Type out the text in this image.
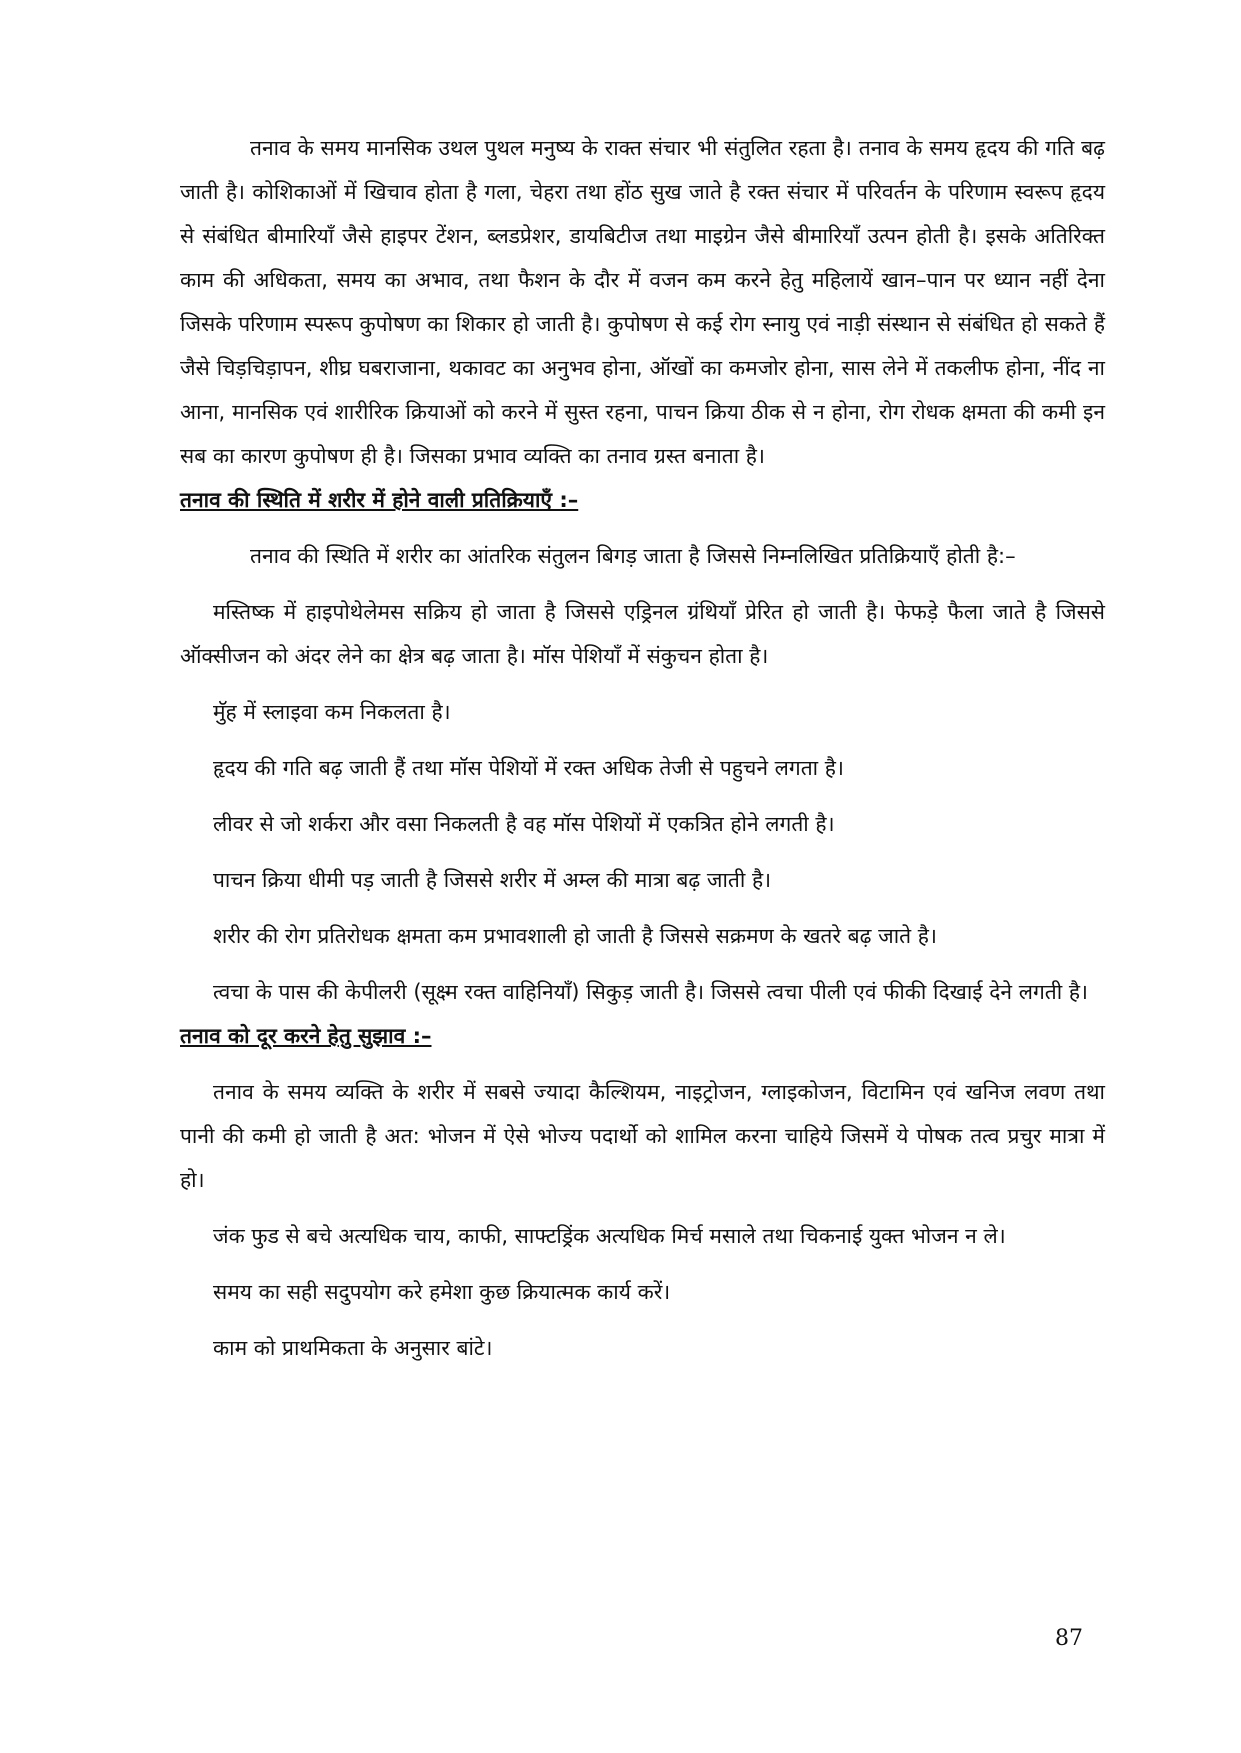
तनाव के समय मानसिक उथल पुथल मनुष्य के राक्त संचार भी संतुलित रहता है। तनाव के समय हृदय की गति बढ़ जाती है। कोशिकाओं में खिचाव होता है गला, चेहरा तथा होंठ सुख जाते है रक्त संचार में परिवर्तन के परिणाम स्वरूप हृदय से संबंधित बीमारियॉं जैसे हाइपर टेंशन, ब्लडप्रेशर, डायबिटीज तथा माइग्रेन जैसे बीमारियॉं उत्पन होती है। इसके अतिरिक्त काम की अधिकता, समय का अभाव, तथा फैशन के दौर में वजन कम करने हेतु महिलायें खान–पान पर ध्यान नहीं देना जिसके परिणाम स्परूप कुपोषण का शिकार हो जाती है। कुपोषण से कई रोग स्नायु एवं नाड़ी संस्थान से संबंधित हो सकते हैं जैसे चिड़चिड़ापन, शीघ्र घबराजाना, थकावट का अनुभव होना, ऑखों का कमजोर होना, सास लेने में तकलीफ होना, नींद ना आना, मानसिक एवं शारीरिक क्रियाओं को करने में सुस्त रहना, पाचन क्रिया ठीक से न होना, रोग रोधक क्षमता की कमी इन सब का कारण कुपोषण ही है। जिसका प्रभाव व्यक्ति का तनाव ग्रस्त बनाता है।

तनाव की स्थिति में शरीर में होने वाली प्रतिक्रियाऍं :–

तनाव की स्थिति में शरीर का आंतरिक संतुलन बिगड़ जाता है जिससे निम्नलिखित प्रतिक्रियाऍं होती है:–

मस्तिष्क में हाइपोथेलेमस सक्रिय हो जाता है जिससे एड्रिनल ग्रंथियॉं प्रेरित हो जाती है। फेफड़े फैला जाते है जिससे ऑक्सीजन को अंदर लेने का क्षेत्र बढ़ जाता है। मॉस पेशियॉं में संकुचन होता है।

मुॅह में स्लाइवा कम निकलता है।

हृदय की गति बढ़ जाती हैं तथा मॉस पेशियों में रक्त अधिक तेजी से पहुचने लगता है।

लीवर से जो शर्करा और वसा निकलती है वह मॉस पेशियों में एकत्रित होने लगती है।

पाचन क्रिया धीमी पड़ जाती है जिससे शरीर में अम्ल की मात्रा बढ़ जाती है।

शरीर की रोग प्रतिरोधक क्षमता कम प्रभावशाली हो जाती है जिससे सक्रमण के खतरे बढ़ जाते है।

त्वचा के पास की केपीलरी (सूक्ष्म रक्त वाहिनियॉं) सिकुड़ जाती है। जिससे त्वचा पीली एवं फीकी दिखाई देने लगती है।

तनाव को दूर करने हेतु सुझाव :–

तनाव के समय व्यक्ति के शरीर में सबसे ज्यादा कैल्शियम, नाइट्रोजन, ग्लाइकोजन, विटामिन एवं खनिज लवण तथा पानी की कमी हो जाती है अत: भोजन में ऐसे भोज्य पदार्थो को शामिल करना चाहिये जिसमें ये पोषक तत्व प्रचुर मात्रा में हो।

जंक फुड से बचे अत्यधिक चाय, काफी, साफ्टड्रिंक अत्यधिक मिर्च मसाले तथा चिकनाई युक्त भोजन न ले।

समय का सही सदुपयोग करे हमेशा कुछ क्रियात्मक कार्य करें।

काम को प्राथमिकता के अनुसार बांटे।

87
